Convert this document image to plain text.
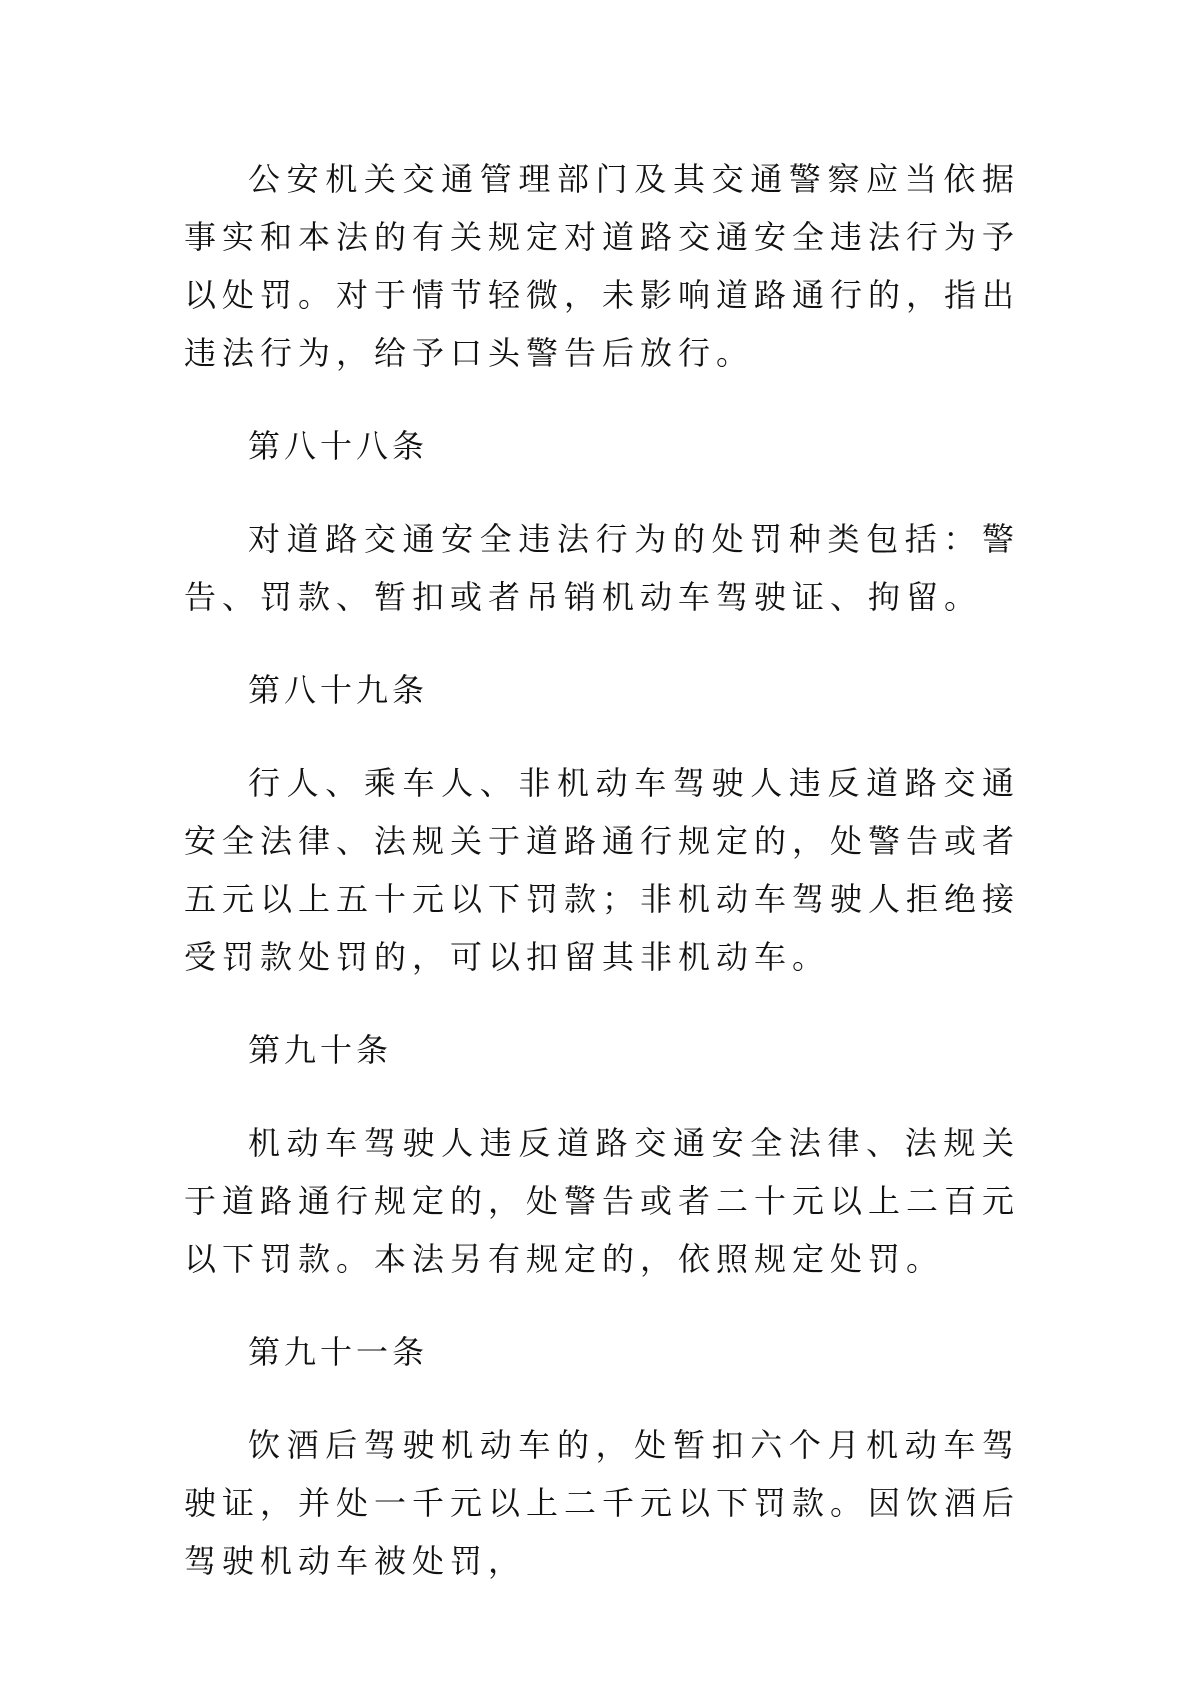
公安机关交通管理部门及其交通警察应当依据事实和本法的有关规定对道路交通安全违法行为予以处罚。对于情节轻微，未影响道路通行的，指出违法行为，给予口头警告后放行。

第八十八条

对道路交通安全违法行为的处罚种类包括：警告、罚款、暂扣或者吊销机动车驾驶证、拘留。

第八十九条

行人、乘车人、非机动车驾驶人违反道路交通安全法律、法规关于道路通行规定的，处警告或者五元以上五十元以下罚款；非机动车驾驶人拒绝接受罚款处罚的，可以扣留其非机动车。

第九十条

机动车驾驶人违反道路交通安全法律、法规关于道路通行规定的，处警告或者二十元以上二百元以下罚款。本法另有规定的，依照规定处罚。

第九十一条

饮酒后驾驶机动车的，处暂扣六个月机动车驾驶证，并处一千元以上二千元以下罚款。因饮酒后驾驶机动车被处罚，
